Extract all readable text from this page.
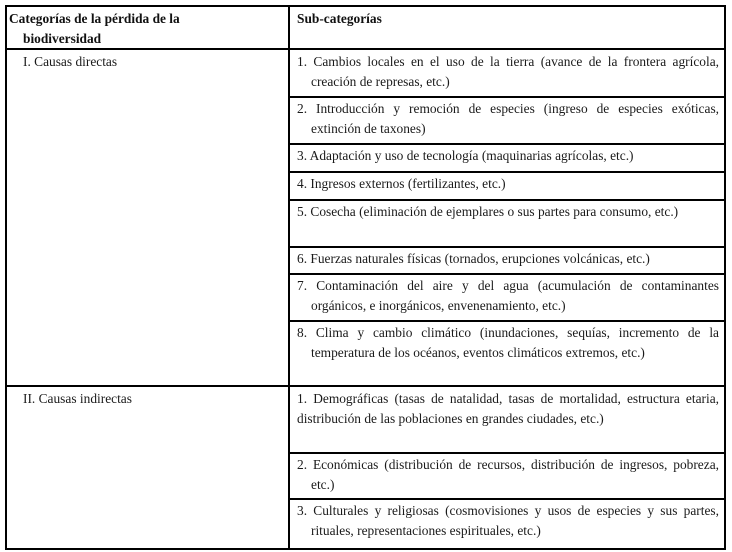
Categorías de la pérdida de la
biodiversidad
Sub-categorías
I. Causas directas	1. Cambios locales en el uso de la tierra (avance de la frontera agrícola, creación de represas, etc.)
2. Introducción y remoción de especies (ingreso de especies exóticas, extinción de taxones)
3. Adaptación y uso de tecnología (maquinarias agrícolas, etc.)
4. Ingresos externos (fertilizantes, etc.)
5. Cosecha (eliminación de ejemplares o sus partes para consumo, etc.)
6. Fuerzas naturales físicas (tornados, erupciones volcánicas, etc.)
7. Contaminación del aire y del agua (acumulación de contaminantes orgánicos, e inorgánicos, envenenamiento, etc.)
8. Clima y cambio climático (inundaciones, sequías, incremento de la temperatura de los océanos, eventos climáticos extremos, etc.)
II. Causas indirectas	1. Demográficas (tasas de natalidad, tasas de mortalidad, estructura etaria, distribución de las poblaciones en grandes ciudades, etc.)
2. Económicas (distribución de recursos, distribución de ingresos, pobreza, etc.)
3. Culturales y religiosas (cosmovisiones y usos de especies y sus partes, rituales, representaciones espirituales, etc.)
